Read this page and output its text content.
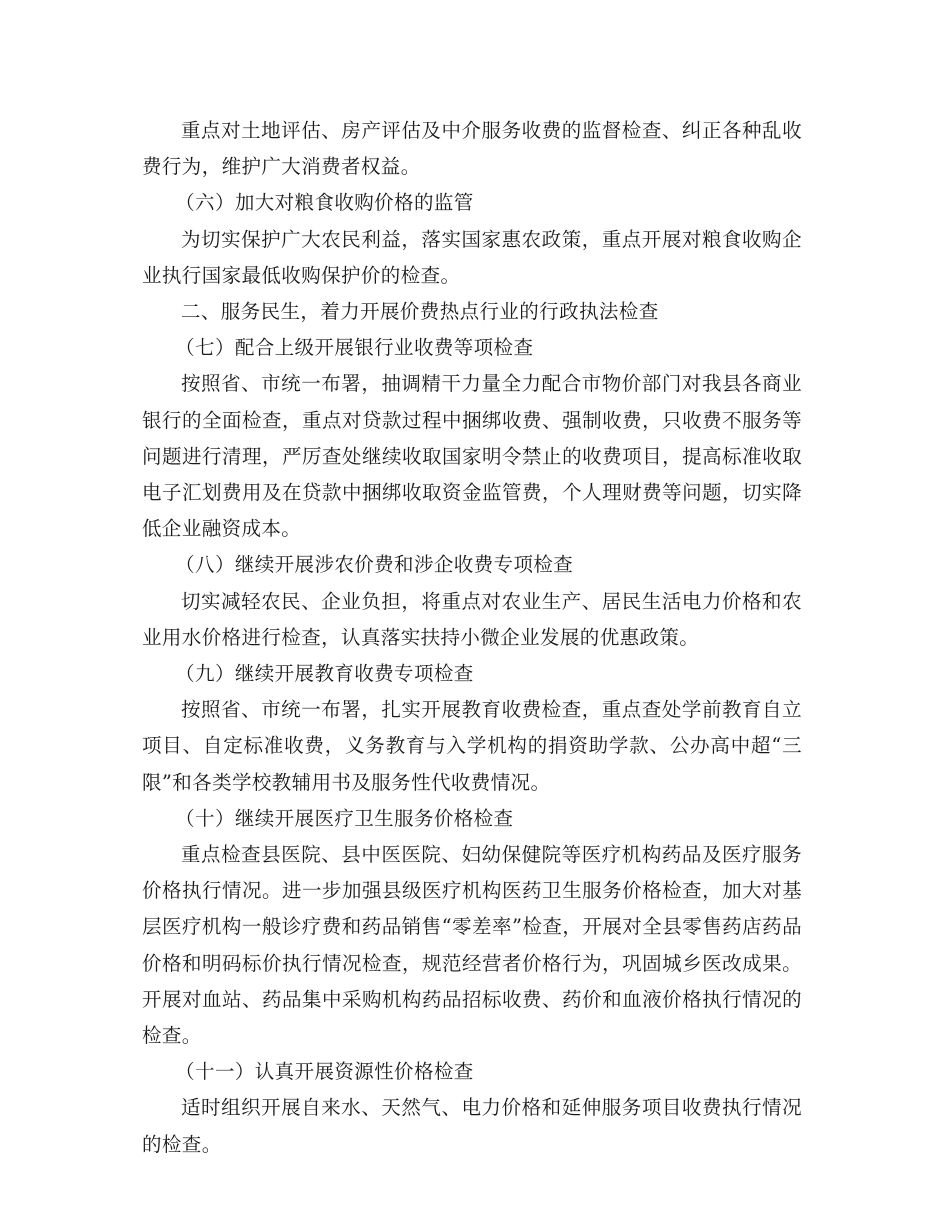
重点对土地评估、房产评估及中介服务收费的监督检查、纠正各种乱收费行为，维护广大消费者权益。

（六）加大对粮食收购价格的监管

为切实保护广大农民利益，落实国家惠农政策，重点开展对粮食收购企业执行国家最低收购保护价的检查。

二、服务民生，着力开展价费热点行业的行政执法检查

（七）配合上级开展银行业收费等项检查

按照省、市统一布署，抽调精干力量全力配合市物价部门对我县各商业银行的全面检查，重点对贷款过程中捆绑收费、强制收费，只收费不服务等问题进行清理，严厉查处继续收取国家明令禁止的收费项目，提高标准收取电子汇划费用及在贷款中捆绑收取资金监管费，个人理财费等问题，切实降低企业融资成本。

（八）继续开展涉农价费和涉企收费专项检查

切实减轻农民、企业负担，将重点对农业生产、居民生活电力价格和农业用水价格进行检查，认真落实扶持小微企业发展的优惠政策。

（九）继续开展教育收费专项检查

按照省、市统一布署，扎实开展教育收费检查，重点查处学前教育自立项目、自定标准收费，义务教育与入学机构的捐资助学款、公办高中超“三限”和各类学校教辅用书及服务性代收费情况。

（十）继续开展医疗卫生服务价格检查

重点检查县医院、县中医医院、妇幼保健院等医疗机构药品及医疗服务价格执行情况。进一步加强县级医疗机构医药卫生服务价格检查，加大对基层医疗机构一般诊疗费和药品销售“零差率”检查，开展对全县零售药店药品价格和明码标价执行情况检查，规范经营者价格行为，巩固城乡医改成果。开展对血站、药品集中采购机构药品招标收费、药价和血液价格执行情况的检查。

（十一）认真开展资源性价格检查

适时组织开展自来水、天然气、电力价格和延伸服务项目收费执行情况的检查。
